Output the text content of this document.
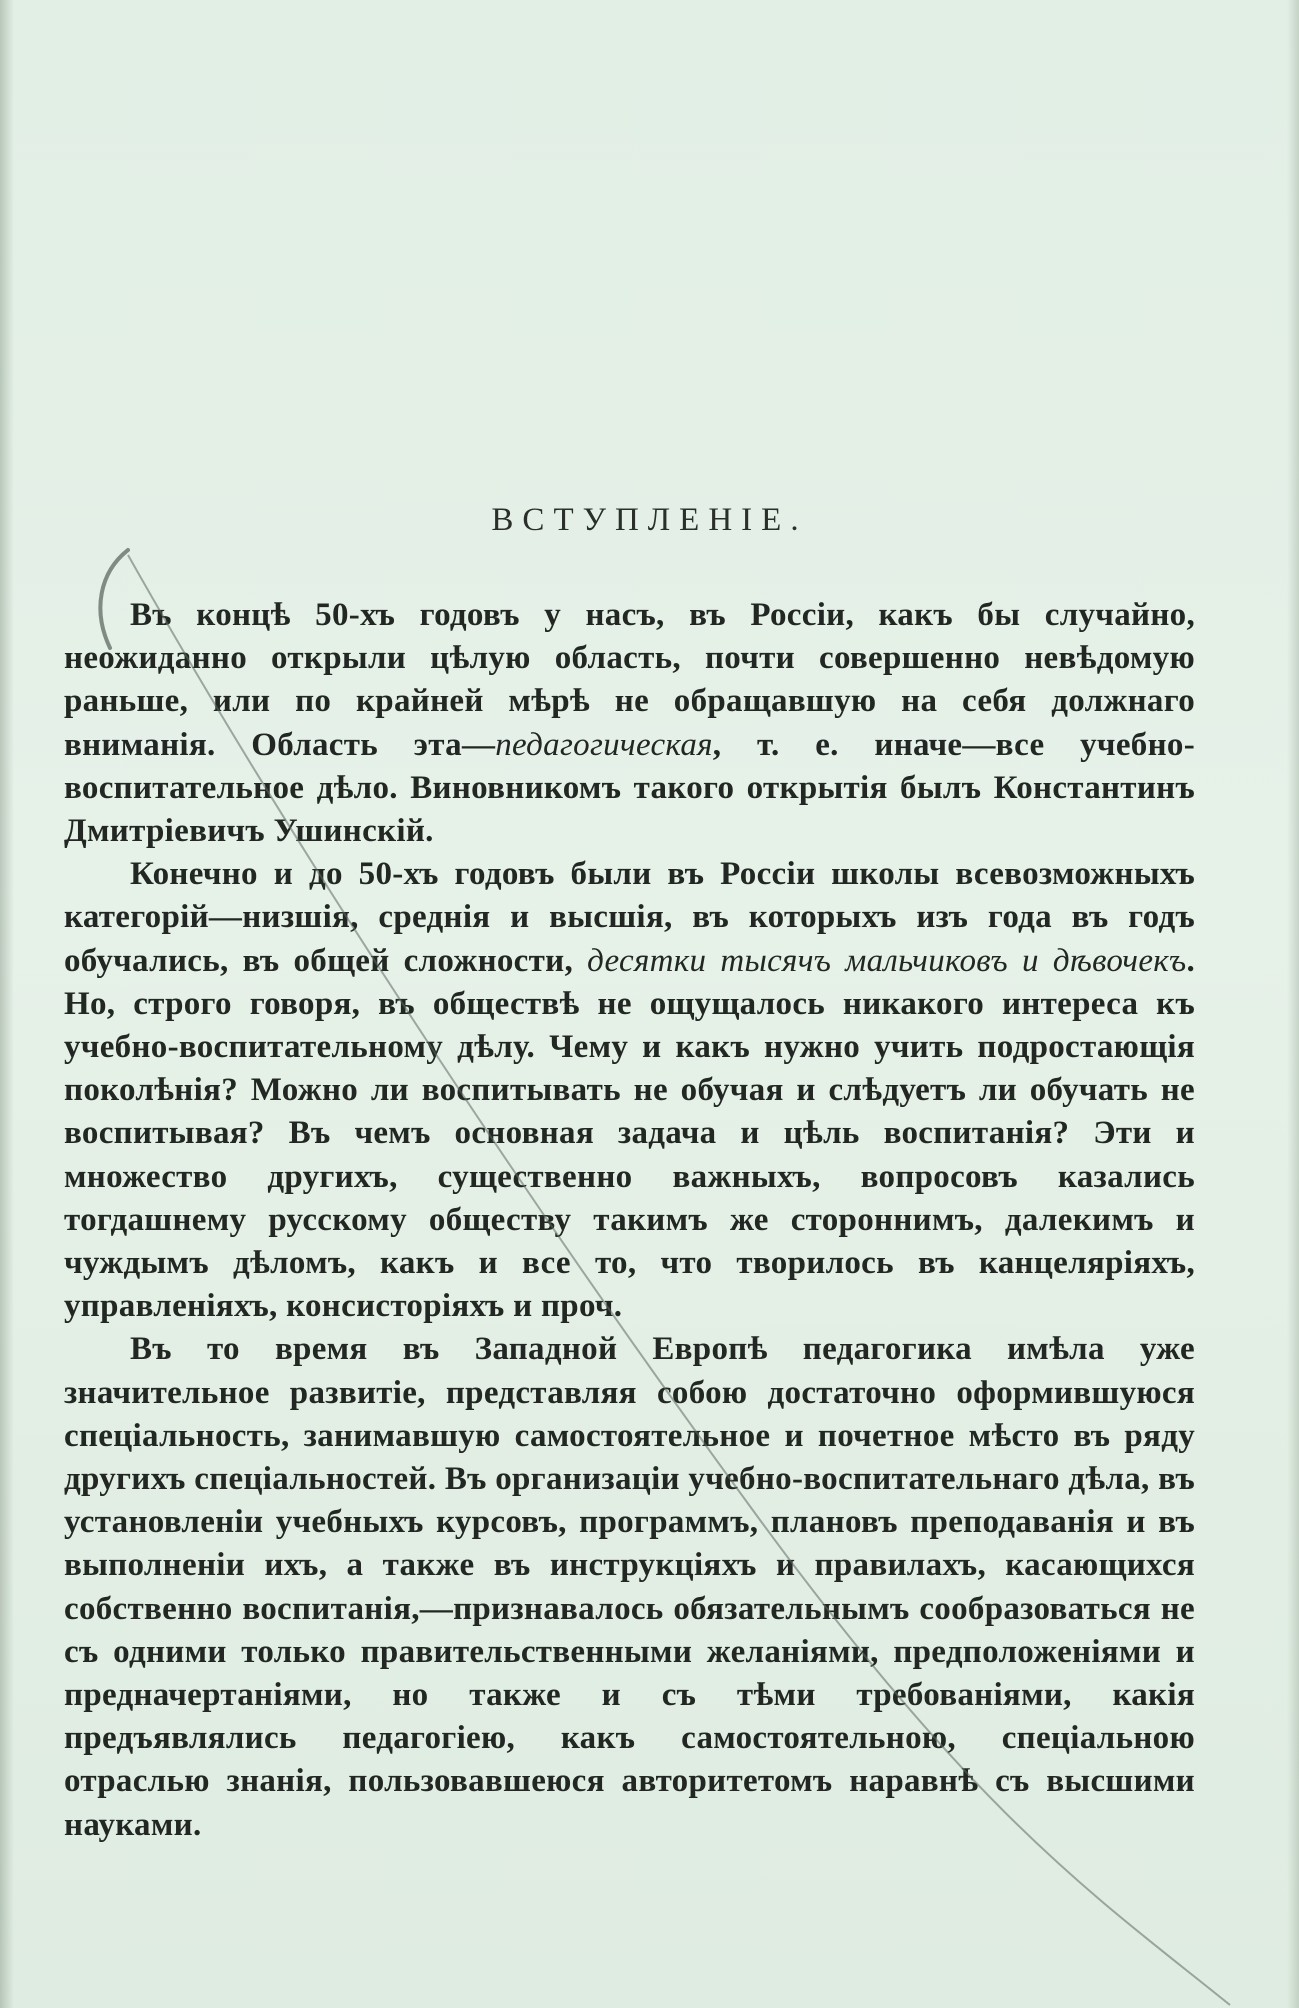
ВСТУПЛЕНІЕ.

Въ концѣ 50-хъ годовъ у насъ, въ Россіи, какъ бы случайно, неожиданно открыли цѣлую область, почти совершенно невѣдомую раньше, или по крайней мѣрѣ не обращавшую на себя должнаго вниманія. Область эта—педагогическая, т. е. иначе—все учебно-воспитательное дѣло. Виновникомъ такого открытія былъ Константинъ Дмитріевичъ Ушинскій.

Конечно и до 50-хъ годовъ были въ Россіи школы всевозможныхъ категорій—низшія, среднія и высшія, въ которыхъ изъ года въ годъ обучались, въ общей сложности, десятки тысячъ мальчиковъ и дѣвочекъ. Но, строго говоря, въ обществѣ не ощущалось никакого интереса къ учебно-воспитательному дѣлу. Чему и какъ нужно учить подростающія поколѣнія? Можно ли воспитывать не обучая и слѣдуетъ ли обучать не воспитывая? Въ чемъ основная задача и цѣль воспитанія? Эти и множество другихъ, существенно важныхъ, вопросовъ казались тогдашнему русскому обществу такимъ же стороннимъ, далекимъ и чуждымъ дѣломъ, какъ и все то, что творилось въ канцеляріяхъ, управленіяхъ, консисторіяхъ и проч.

Въ то время въ Западной Европѣ педагогика имѣла уже значительное развитіе, представляя собою достаточно оформившуюся спеціальность, занимавшую самостоятельное и почетное мѣсто въ ряду другихъ спеціальностей. Въ организаціи учебно-воспитательнаго дѣла, въ установленіи учебныхъ курсовъ, программъ, плановъ преподаванія и въ выполненіи ихъ, а также въ инструкціяхъ и правилахъ, касающихся собственно воспитанія,—признавалось обязательнымъ сообразоваться не съ одними только правительственными желаніями, предположеніями и предначертаніями, но также и съ тѣми требованіями, какія предъявлялись педагогіею, какъ самостоятельною, спеціальною отраслью знанія, пользовавшеюся авторитетомъ наравнѣ съ высшими науками.
